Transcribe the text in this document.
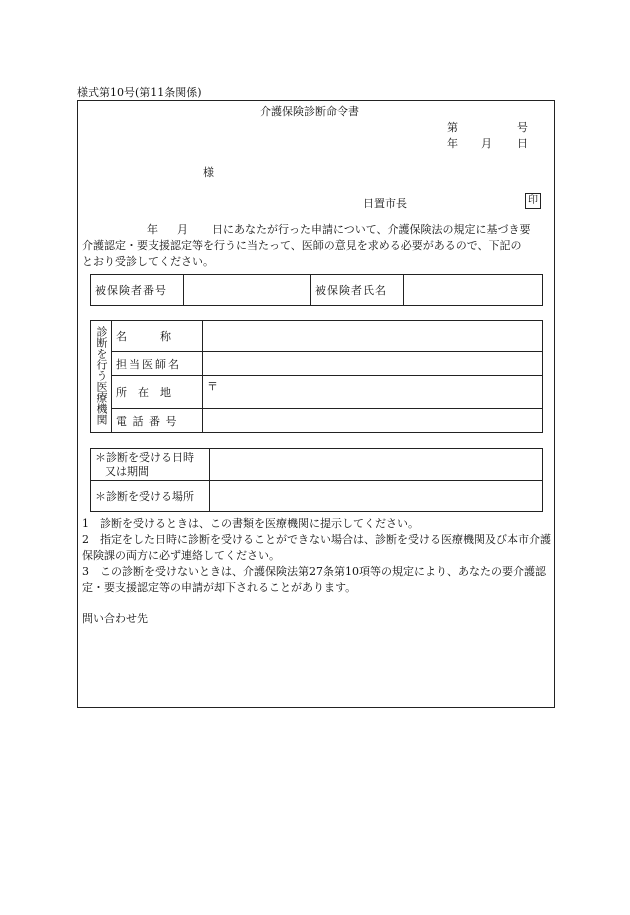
様式第10号(第11条関係)
介護保険診断命令書
第	号
年 月 日
様
日置市長	印
年 月 日にあなたが行った申請について、介護保険法の規定に基づき要
介護認定・要支援認定等を行うに当たって、医師の意見を求める必要があるので、下記の
とおり受診してください。
被保険者番号		被保険者氏名	
診断を行う医療機関	名　　　称	
	担当医師名	
	所　在　地	〒
	電 話 番 号	
＊診断を受ける日時
又は期間	

＊診断を受ける場所	
1　診断を受けるときは、この書類を医療機関に提示してください。
2　指定をした日時に診断を受けることができない場合は、診断を受ける医療機関及び本市介護保険課の両方に必ず連絡してください。
3　この診断を受けないときは、介護保険法第27条第10項等の規定により、あなたの要介護認定・要支援認定等の申請が却下されることがあります。
問い合わせ先
